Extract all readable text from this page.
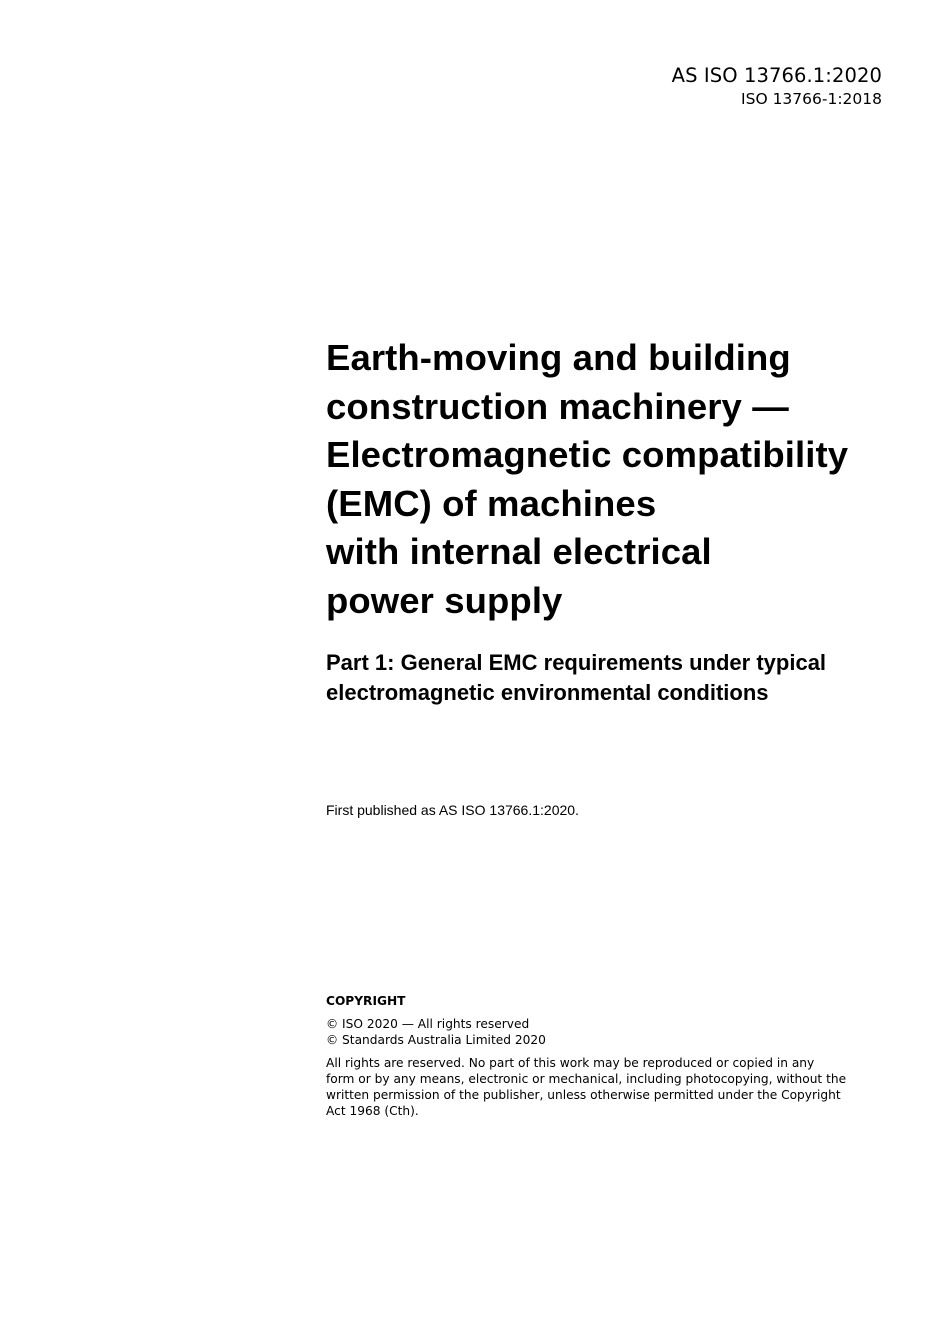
AS ISO 13766.1:2020
ISO 13766-1:2018
Earth-moving and building
construction machinery —
Electromagnetic compatibility
(EMC) of machines
with internal electrical
power supply
Part 1: General EMC requirements under typical
electromagnetic environmental conditions
First published as AS ISO 13766.1:2020.
COPYRIGHT
© ISO 2020 — All rights reserved
© Standards Australia Limited 2020
All rights are reserved. No part of this work may be reproduced or copied in any
form or by any means, electronic or mechanical, including photocopying, without the
written permission of the publisher, unless otherwise permitted under the Copyright
Act 1968 (Cth).
